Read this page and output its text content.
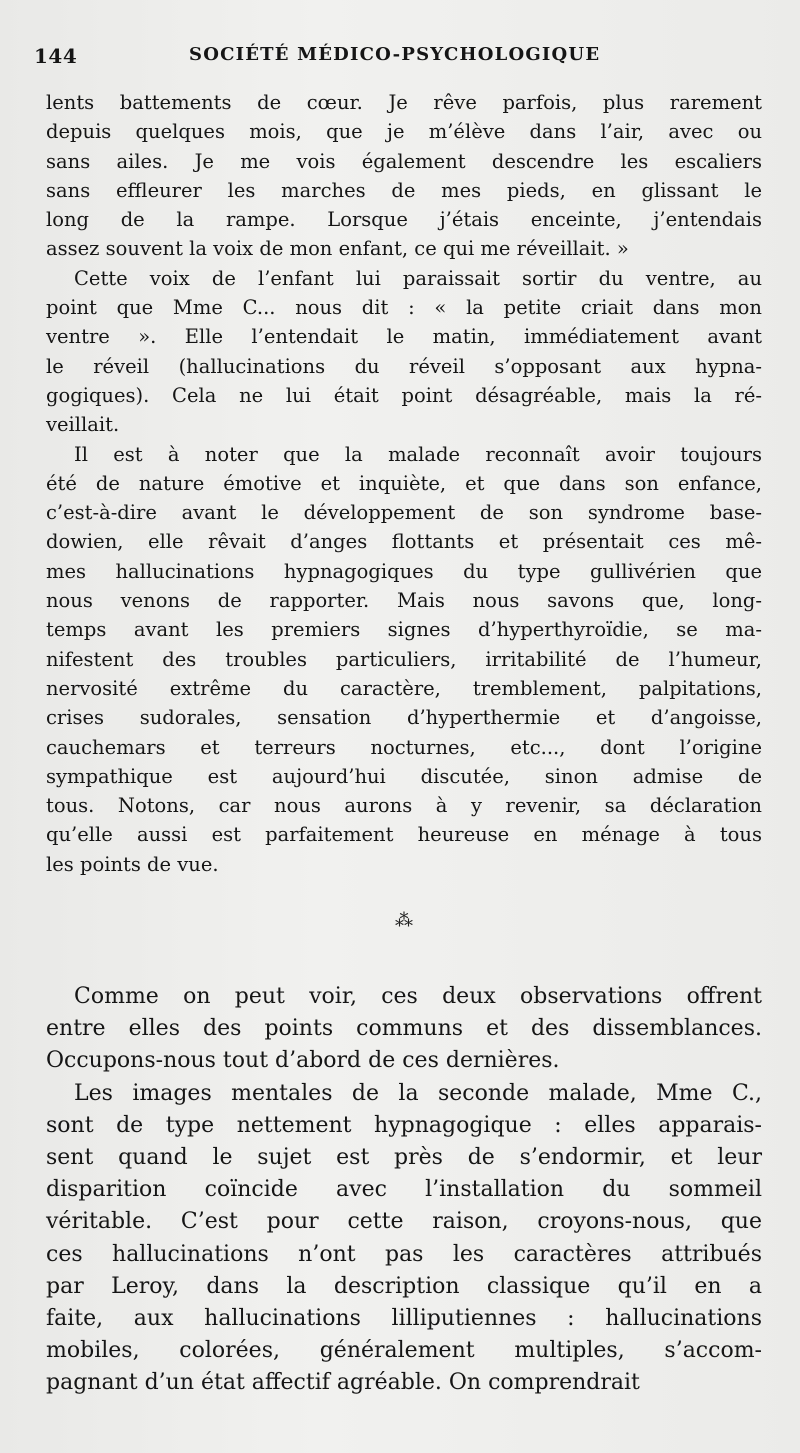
144	SOCIÉTÉ MÉDICO-PSYCHOLOGIQUE
lents battements de cœur. Je rêve parfois, plus rarement
depuis quelques mois, que je m’élève dans l’air, avec ou
sans ailes. Je me vois également descendre les escaliers
sans effleurer les marches de mes pieds, en glissant le
long de la rampe. Lorsque j’étais enceinte, j’entendais
assez souvent la voix de mon enfant, ce qui me réveillait. »
Cette voix de l’enfant lui paraissait sortir du ventre, au
point que Mme C... nous dit : « la petite criait dans mon
ventre ». Elle l’entendait le matin, immédiatement avant
le réveil (hallucinations du réveil s’opposant aux hypna-
gogiques). Cela ne lui était point désagréable, mais la ré-
veillait.
Il est à noter que la malade reconnaît avoir toujours
été de nature émotive et inquiète, et que dans son enfance,
c’est-à-dire avant le développement de son syndrome base-
dowien, elle rêvait d’anges flottants et présentait ces mê-
mes hallucinations hypnagogiques du type gullivérien que
nous venons de rapporter. Mais nous savons que, long-
temps avant les premiers signes d’hyperthyroïdie, se ma-
nifestent des troubles particuliers, irritabilité de l’humeur,
nervosité extrême du caractère, tremblement, palpitations,
crises sudorales, sensation d’hyperthermie et d’angoisse,
cauchemars et terreurs nocturnes, etc..., dont l’origine
sympathique est aujourd’hui discutée, sinon admise de
tous. Notons, car nous aurons à y revenir, sa déclaration
qu’elle aussi est parfaitement heureuse en ménage à tous
les points de vue.
⁂
Comme on peut voir, ces deux observations offrent
entre elles des points communs et des dissemblances.
Occupons-nous tout d’abord de ces dernières.
Les images mentales de la seconde malade, Mme C.,
sont de type nettement hypnagogique : elles apparais-
sent quand le sujet est près de s’endormir, et leur
disparition coïncide avec l’installation du sommeil
véritable. C’est pour cette raison, croyons-nous, que
ces hallucinations n’ont pas les caractères attribués
par Leroy, dans la description classique qu’il en a
faite, aux hallucinations lilliputiennes : hallucinations
mobiles, colorées, généralement multiples, s’accom-
pagnant d’un état affectif agréable. On comprendrait
